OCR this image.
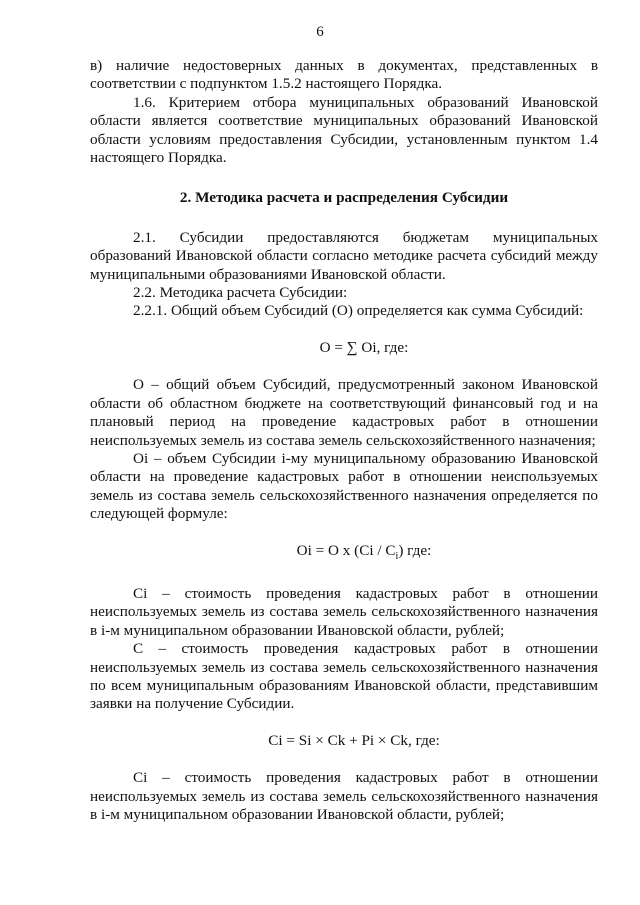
6

в) наличие недостоверных данных в документах, представленных в соответствии с подпунктом 1.5.2 настоящего Порядка.

1.6. Критерием отбора муниципальных образований Ивановской области является соответствие муниципальных образований Ивановской области условиям предоставления Субсидии, установленным пунктом 1.4 настоящего Порядка.

2. Методика расчета и распределения Субсидии

2.1. Субсидии предоставляются бюджетам муниципальных образований Ивановской области согласно методике расчета субсидий между муниципальными образованиями Ивановской области.

2.2. Методика расчета Субсидии:

2.2.1. Общий объем Субсидий (О) определяется как сумма Субсидий:

О = ∑ Оi, где:

О – общий объем Субсидий, предусмотренный законом Ивановской области об областном бюджете на соответствующий финансовый год и на плановый период на проведение кадастровых работ в отношении неиспользуемых земель из состава земель сельскохозяйственного назначения;

Оi – объем Субсидии i-му муниципальному образованию Ивановской области на проведение кадастровых работ в отношении неиспользуемых земель из состава земель сельскохозяйственного назначения определяется по следующей формуле:

Оi = О х $(Ci / C_i)$ где:

Ci – стоимость проведения кадастровых работ в отношении неиспользуемых земель из состава земель сельскохозяйственного назначения в i-м муниципальном образовании Ивановской области, рублей;

C – стоимость проведения кадастровых работ в отношении неиспользуемых земель из состава земель сельскохозяйственного назначения по всем муниципальным образованиям Ивановской области, представившим заявки на получение Субсидии.

Ci = Si × Ck + Pi × Ck, где:

Ci – стоимость проведения кадастровых работ в отношении неиспользуемых земель из состава земель сельскохозяйственного назначения в i-м муниципальном образовании Ивановской области, рублей;
